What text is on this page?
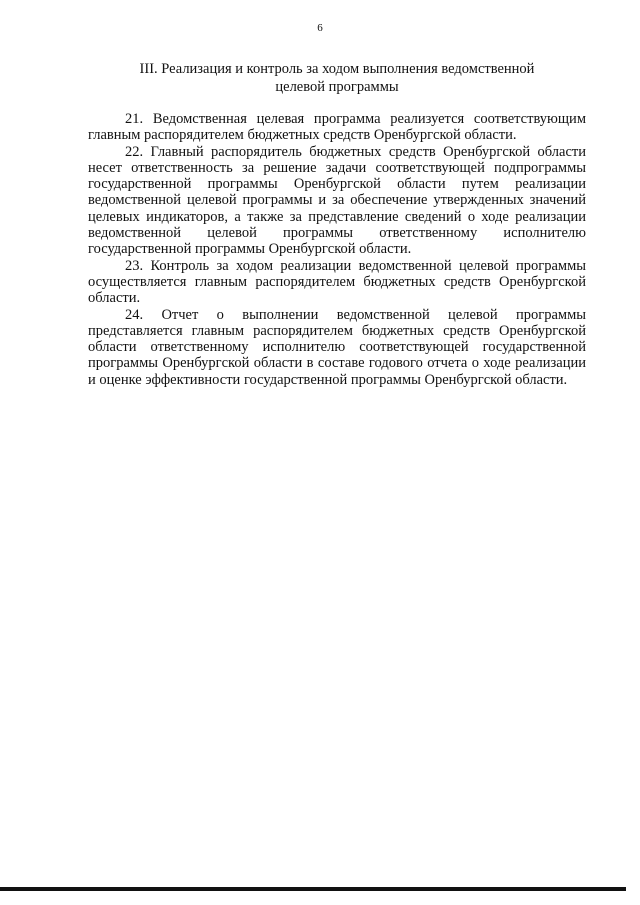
6
III. Реализация и контроль за ходом выполнения ведомственной
целевой программы

21. Ведомственная целевая программа реализуется соответствующим главным распорядителем бюджетных средств Оренбургской области.

22. Главный распорядитель бюджетных средств Оренбургской области несет ответственность за решение задачи соответствующей подпрограммы государственной программы Оренбургской области путем реализации ведомственной целевой программы и за обеспечение утвержденных значений целевых индикаторов, а также за представление сведений о ходе реализации ведомственной целевой программы ответственному исполнителю государственной программы Оренбургской области.

23. Контроль за ходом реализации ведомственной целевой программы осуществляется главным распорядителем бюджетных средств Оренбургской области.

24. Отчет о выполнении ведомственной целевой программы представляется главным распорядителем бюджетных средств Оренбургской области ответственному исполнителю соответствующей государственной программы Оренбургской области в составе годового отчета о ходе реализации и оценке эффективности государственной программы Оренбургской области.
